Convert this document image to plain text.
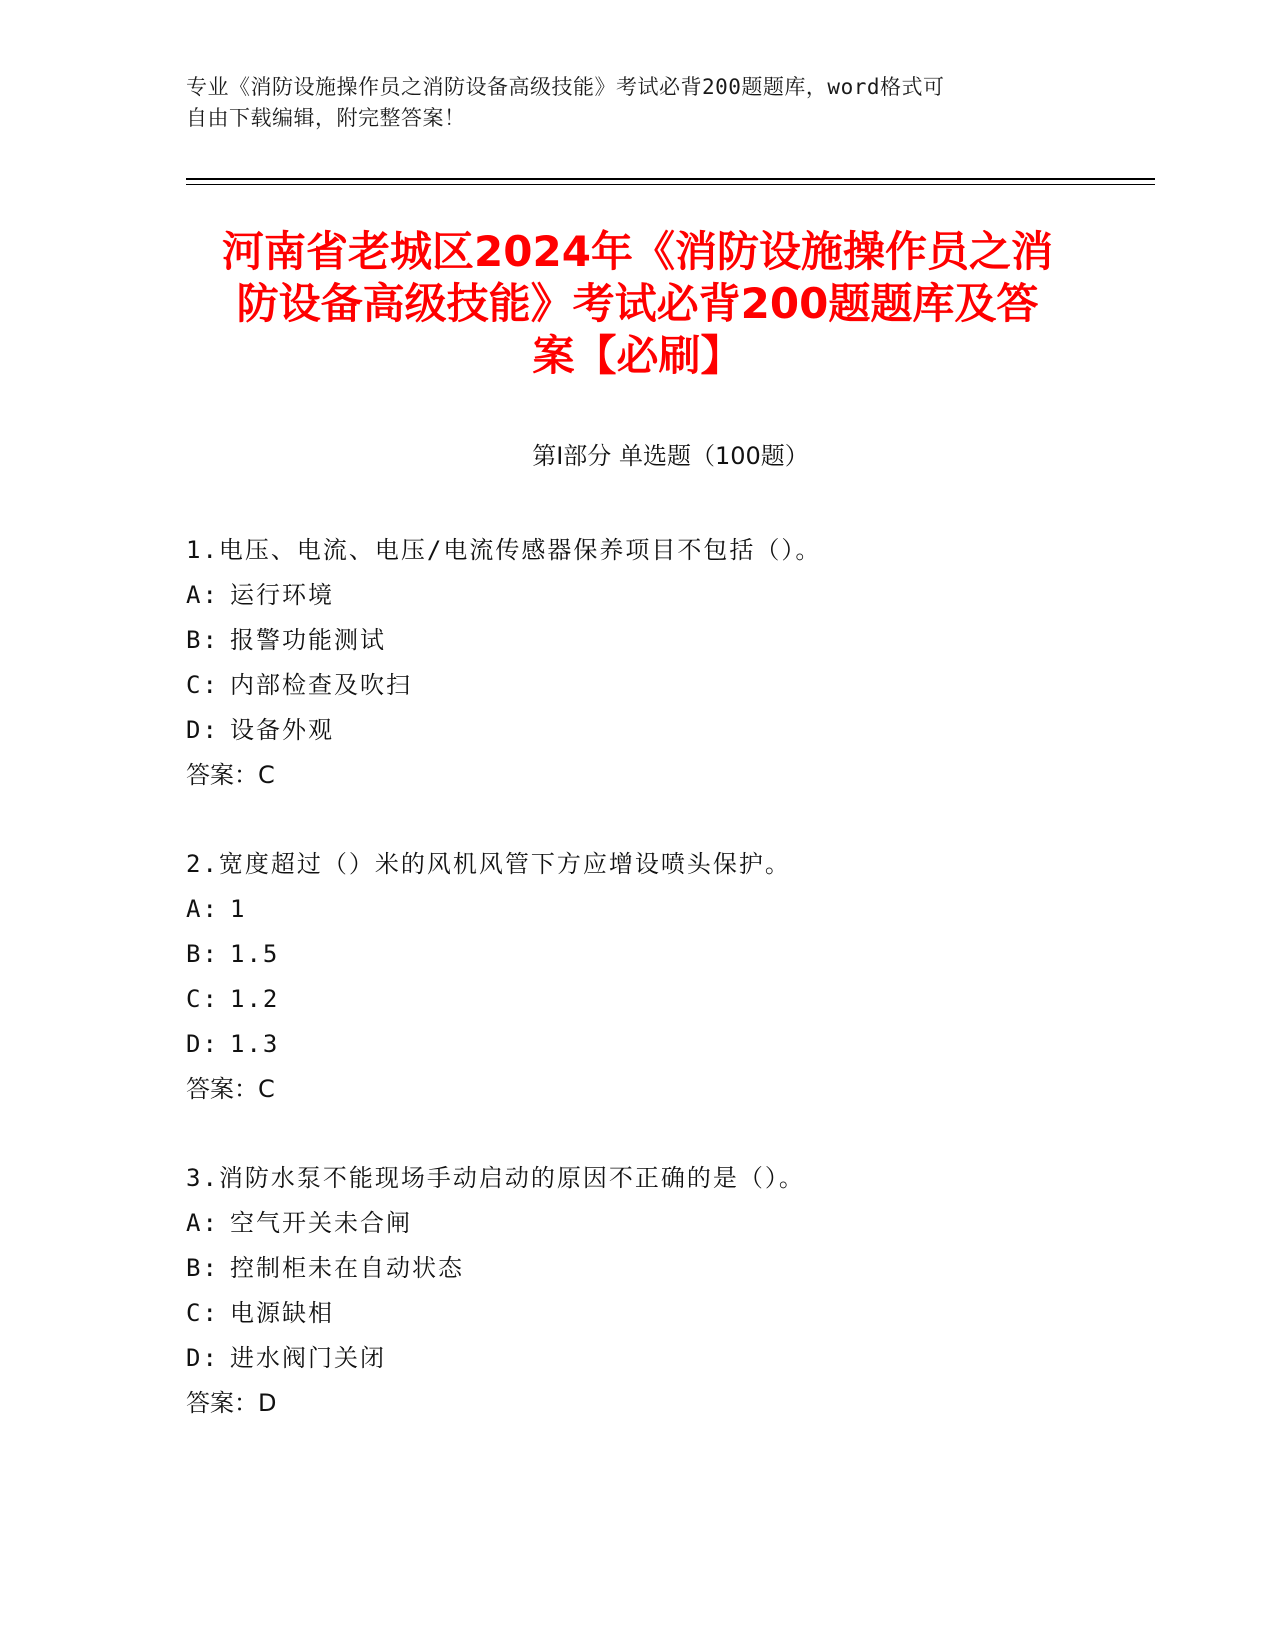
专业《消防设施操作员之消防设备高级技能》考试必背200题题库，word格式可
自由下载编辑，附完整答案！
河南省老城区2024年《消防设施操作员之消
防设备高级技能》考试必背200题题库及答
案【必刷】
第Ⅰ部分 单选题（100题）
1.电压、电流、电压/电流传感器保养项目不包括（）。
A: 运行环境
B: 报警功能测试
C: 内部检查及吹扫
D: 设备外观
答案：C
2.宽度超过（）米的风机风管下方应增设喷头保护。
A: 1
B: 1.5
C: 1.2
D: 1.3
答案：C
3.消防水泵不能现场手动启动的原因不正确的是（）。
A: 空气开关未合闸
B: 控制柜未在自动状态
C: 电源缺相
D: 进水阀门关闭
答案：D
